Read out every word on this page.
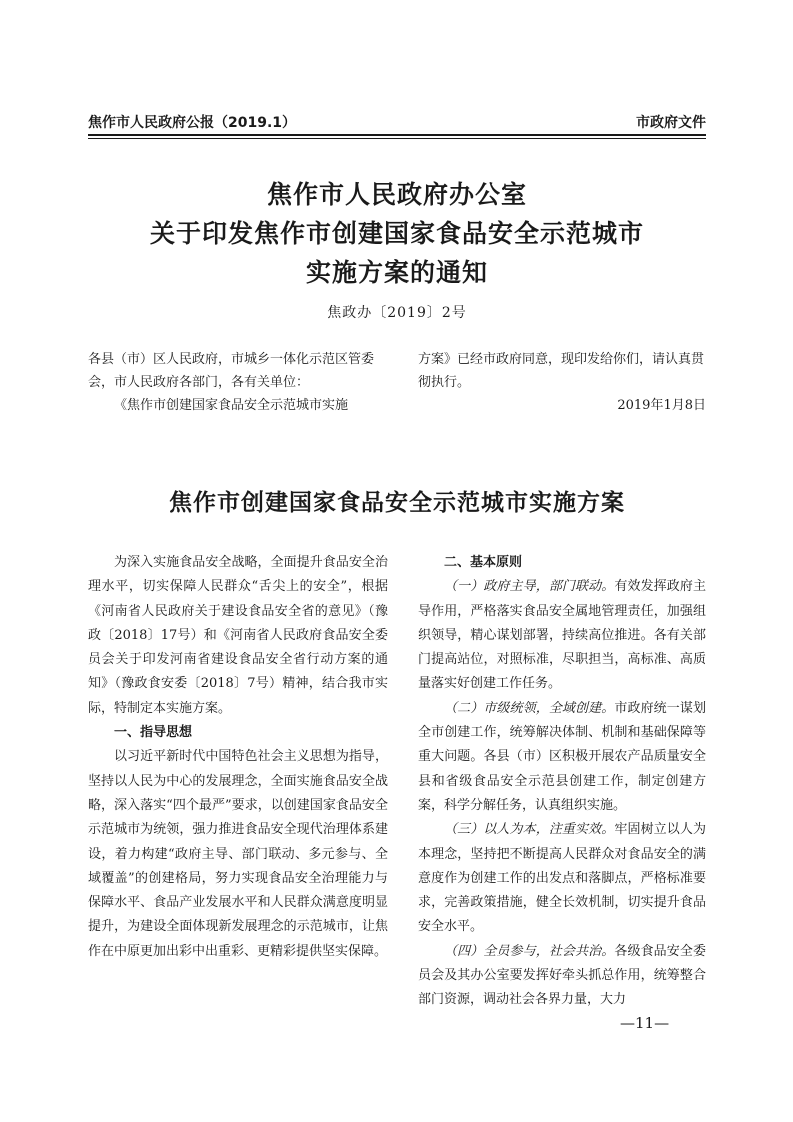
焦作市人民政府公报（2019.1）	市政府文件
焦作市人民政府办公室
关于印发焦作市创建国家食品安全示范城市
实施方案的通知
焦政办〔2019〕2号

各县（市）区人民政府，市城乡一体化示范区管委会，市人民政府各部门，各有关单位：

《焦作市创建国家食品安全示范城市实施

方案》已经市政府同意，现印发给你们，请认真贯彻执行。

2019年1月8日

焦作市创建国家食品安全示范城市实施方案

为深入实施食品安全战略，全面提升食品安全治理水平，切实保障人民群众“舌尖上的安全”，根据《河南省人民政府关于建设食品安全省的意见》（豫政〔2018〕17号）和《河南省人民政府食品安全委员会关于印发河南省建设食品安全省行动方案的通知》（豫政食安委〔2018〕7号）精神，结合我市实际，特制定本实施方案。

一、指导思想

以习近平新时代中国特色社会主义思想为指导，坚持以人民为中心的发展理念，全面实施食品安全战略，深入落实“四个最严”要求，以创建国家食品安全示范城市为统领，强力推进食品安全现代治理体系建设，着力构建“政府主导、部门联动、多元参与、全域覆盖”的创建格局，努力实现食品安全治理能力与保障水平、食品产业发展水平和人民群众满意度明显提升，为建设全面体现新发展理念的示范城市，让焦作在中原更加出彩中出重彩、更精彩提供坚实保障。

二、基本原则

（一）政府主导，部门联动。有效发挥政府主导作用，严格落实食品安全属地管理责任，加强组织领导，精心谋划部署，持续高位推进。各有关部门提高站位，对照标准，尽职担当，高标准、高质量落实好创建工作任务。

（二）市级统领，全域创建。市政府统一谋划全市创建工作，统筹解决体制、机制和基础保障等重大问题。各县（市）区积极开展农产品质量安全县和省级食品安全示范县创建工作，制定创建方案，科学分解任务，认真组织实施。

（三）以人为本，注重实效。牢固树立以人为本理念，坚持把不断提高人民群众对食品安全的满意度作为创建工作的出发点和落脚点，严格标准要求，完善政策措施，健全长效机制，切实提升食品安全水平。

（四）全员参与，社会共治。各级食品安全委员会及其办公室要发挥好牵头抓总作用，统筹整合部门资源，调动社会各界力量，大力

—11—
